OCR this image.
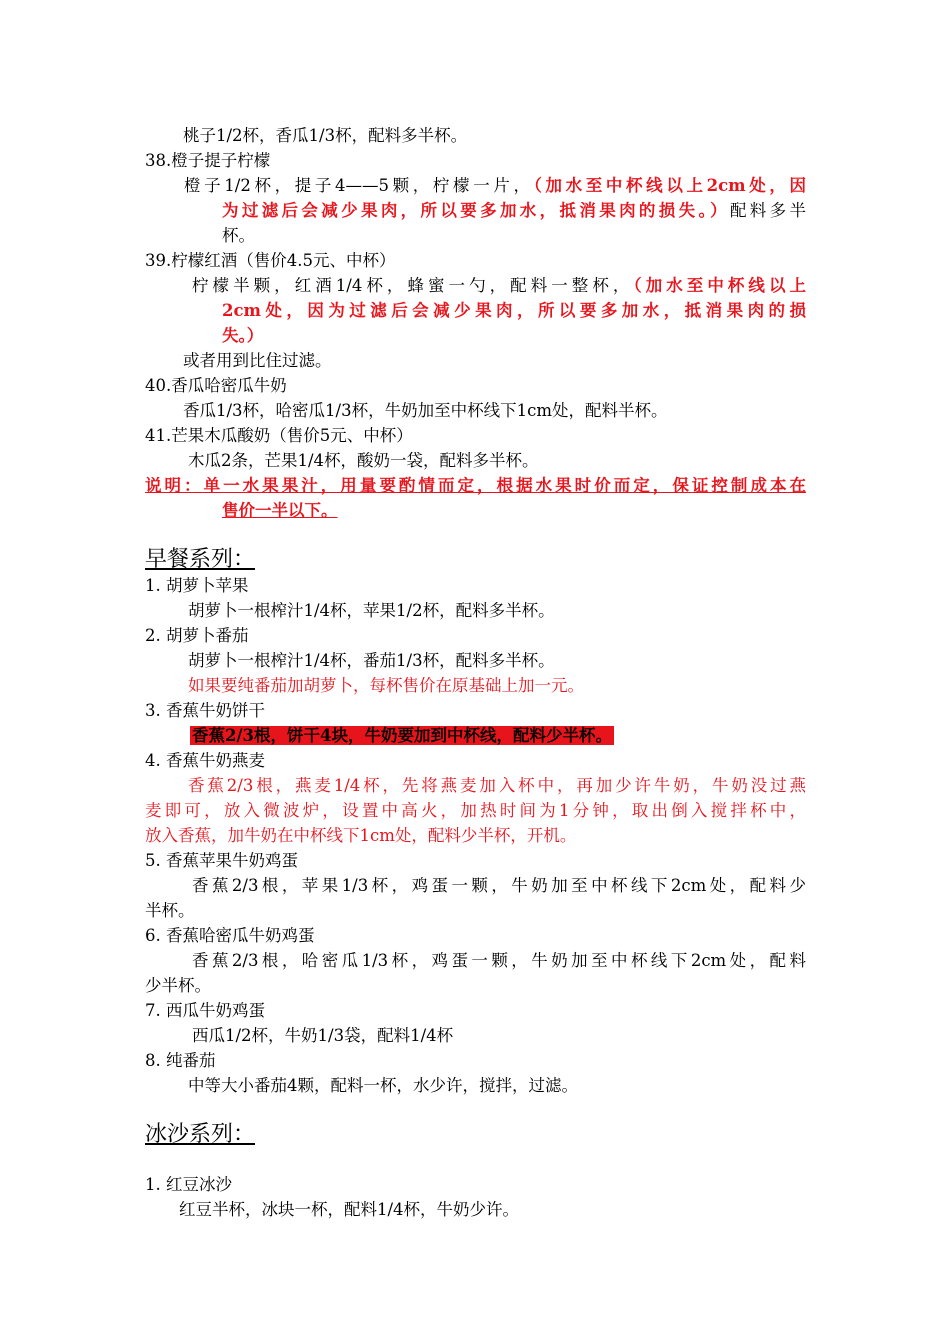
桃子1/2杯，香瓜1/3杯，配料多半杯。
38.橙子提子柠檬
橙子1/2杯，提子4——5颗，柠檬一片，（加水至中杯线以上2cm处，因
为过滤后会减少果肉，所以要多加水，抵消果肉的损失。）配料多半
杯。
39.柠檬红酒（售价4.5元、中杯）
柠檬半颗，红酒1/4杯，蜂蜜一勺，配料一整杯，（加水至中杯线以上
2cm处，因为过滤后会减少果肉，所以要多加水，抵消果肉的损
失。）
或者用到比住过滤。
40.香瓜哈密瓜牛奶
香瓜1/3杯，哈密瓜1/3杯，牛奶加至中杯线下1cm处，配料半杯。
41.芒果木瓜酸奶（售价5元、中杯）
木瓜2条，芒果1/4杯，酸奶一袋，配料多半杯。
说明：单一水果果汁，用量要酌情而定，根据水果时价而定，保证控制成本在
售价一半以下。
早餐系列：
1. 胡萝卜苹果
胡萝卜一根榨汁1/4杯，苹果1/2杯，配料多半杯。
2. 胡萝卜番茄
胡萝卜一根榨汁1/4杯，番茄1/3杯，配料多半杯。
如果要纯番茄加胡萝卜，每杯售价在原基础上加一元。
3. 香蕉牛奶饼干
香蕉2/3根，饼干4块，牛奶要加到中杯线，配料少半杯。
4. 香蕉牛奶燕麦
香蕉2/3根，燕麦1/4杯，先将燕麦加入杯中，再加少许牛奶，牛奶没过燕
麦即可，放入微波炉，设置中高火，加热时间为1分钟，取出倒入搅拌杯中，
放入香蕉，加牛奶在中杯线下1cm处，配料少半杯，开机。
5. 香蕉苹果牛奶鸡蛋
香蕉2/3根，苹果1/3杯，鸡蛋一颗，牛奶加至中杯线下2cm处，配料少
半杯。
6. 香蕉哈密瓜牛奶鸡蛋
香蕉2/3根，哈密瓜1/3杯，鸡蛋一颗，牛奶加至中杯线下2cm处，配料
少半杯。
7. 西瓜牛奶鸡蛋
西瓜1/2杯，牛奶1/3袋，配料1/4杯
8. 纯番茄
中等大小番茄4颗，配料一杯，水少许，搅拌，过滤。
冰沙系列：
1. 红豆冰沙
红豆半杯，冰块一杯，配料1/4杯，牛奶少许。
